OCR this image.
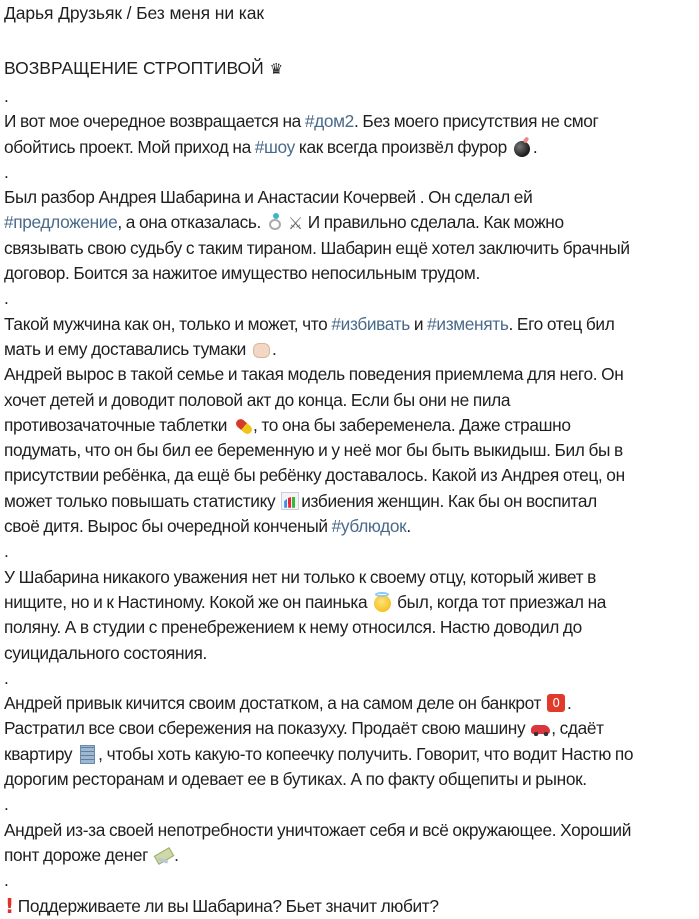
Дарья Друзьяк / Без меня ни как
ВОЗВРАЩЕНИЕ СТРОПТИВОЙ ♛
.
И вот мое очередное возвращается на #дом2. Без моего присутствия не смог
обойтись проект. Мой приход на #шоу как всегда произвёл фурор .
.
Был разбор Андрея Шабарина и Анастасии Кочервей . Он сделал ей
#предложение, а она отказалась. ⚔ И правильно сделала. Как можно
связывать свою судьбу с таким тираном. Шабарин ещё хотел заключить брачный
договор. Боится за нажитое имущество непосильным трудом.
.
Такой мужчина как он, только и может, что #избивать и #изменять. Его отец бил
мать и ему доставались тумаки .
Андрей вырос в такой семье и такая модель поведения приемлема для него. Он
хочет детей и доводит половой акт до конца. Если бы они не пила
противозачаточные таблетки , то она бы забеременела. Даже страшно
подумать, что он бы бил ее беременную и у неё мог бы быть выкидыш. Бил бы в
присутствии ребёнка, да ещё бы ребёнку доставалось. Какой из Андрея отец, он
может только повышать статистику избиения женщин. Как бы он воспитал
своё дитя. Вырос бы очередной конченый #ублюдок.
.
У Шабарина никакого уважения нет ни только к своему отцу, который живет в
нищите, но и к Настиному. Кокой же он паинька  был, когда тот приезжал на
поляну. А в студии с пренебрежением к нему относился. Настю доводил до
суицидального состояния.
.
Андрей привык кичится своим достатком, а на самом деле он банкрот 0.
Растратил все свои сбережения на показуху. Продаёт свою машину , сдаёт
квартиру , чтобы хоть какую-то копеечку получить. Говорит, что водит Настю по
дорогим ресторанам и одевает ее в бутиках. А по факту общепиты и рынок.
.
Андрей из-за своей непотребности уничтожает себя и всё окружающее. Хороший
понт дороже денег .
.
! Поддерживаете ли вы Шабарина? Бьет значит любит?
